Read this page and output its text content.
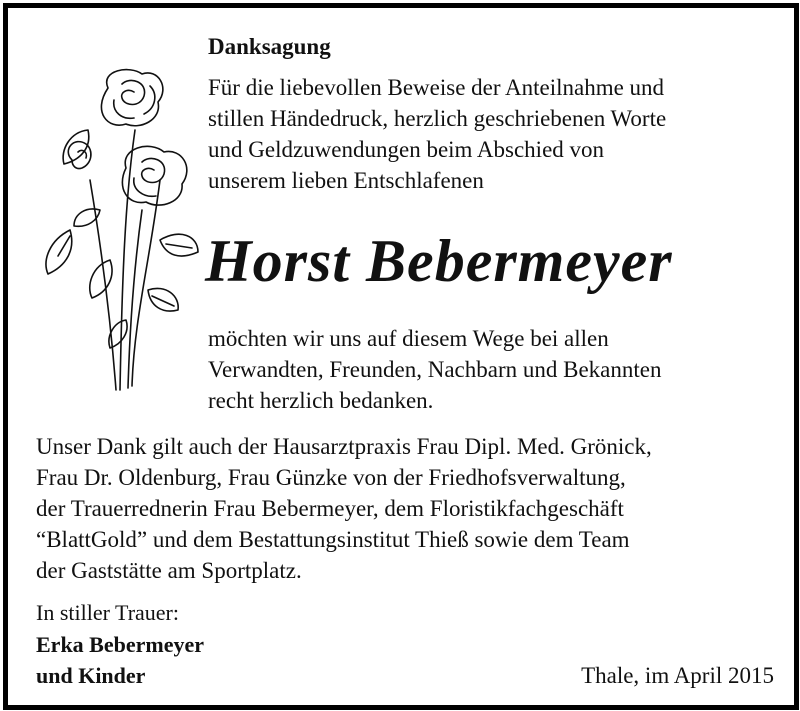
Danksagung
Für die liebevollen Beweise der Anteilnahme und
stillen Händedruck, herzlich geschriebenen Worte
und Geldzuwendungen beim Abschied von
unserem lieben Entschlafenen
Horst Bebermeyer
möchten wir uns auf diesem Wege bei allen
Verwandten, Freunden, Nachbarn und Bekannten
recht herzlich bedanken.
Unser Dank gilt auch der Hausarztpraxis Frau Dipl. Med. Grönick,
Frau Dr. Oldenburg, Frau Günzke von der Friedhofsverwaltung,
der Trauerrednerin Frau Bebermeyer, dem Floristikfachgeschäft
“BlattGold” und dem Bestattungsinstitut Thieß sowie dem Team
der Gaststätte am Sportplatz.
In stiller Trauer:
Erka Bebermeyer
und Kinder	Thale, im April 2015
